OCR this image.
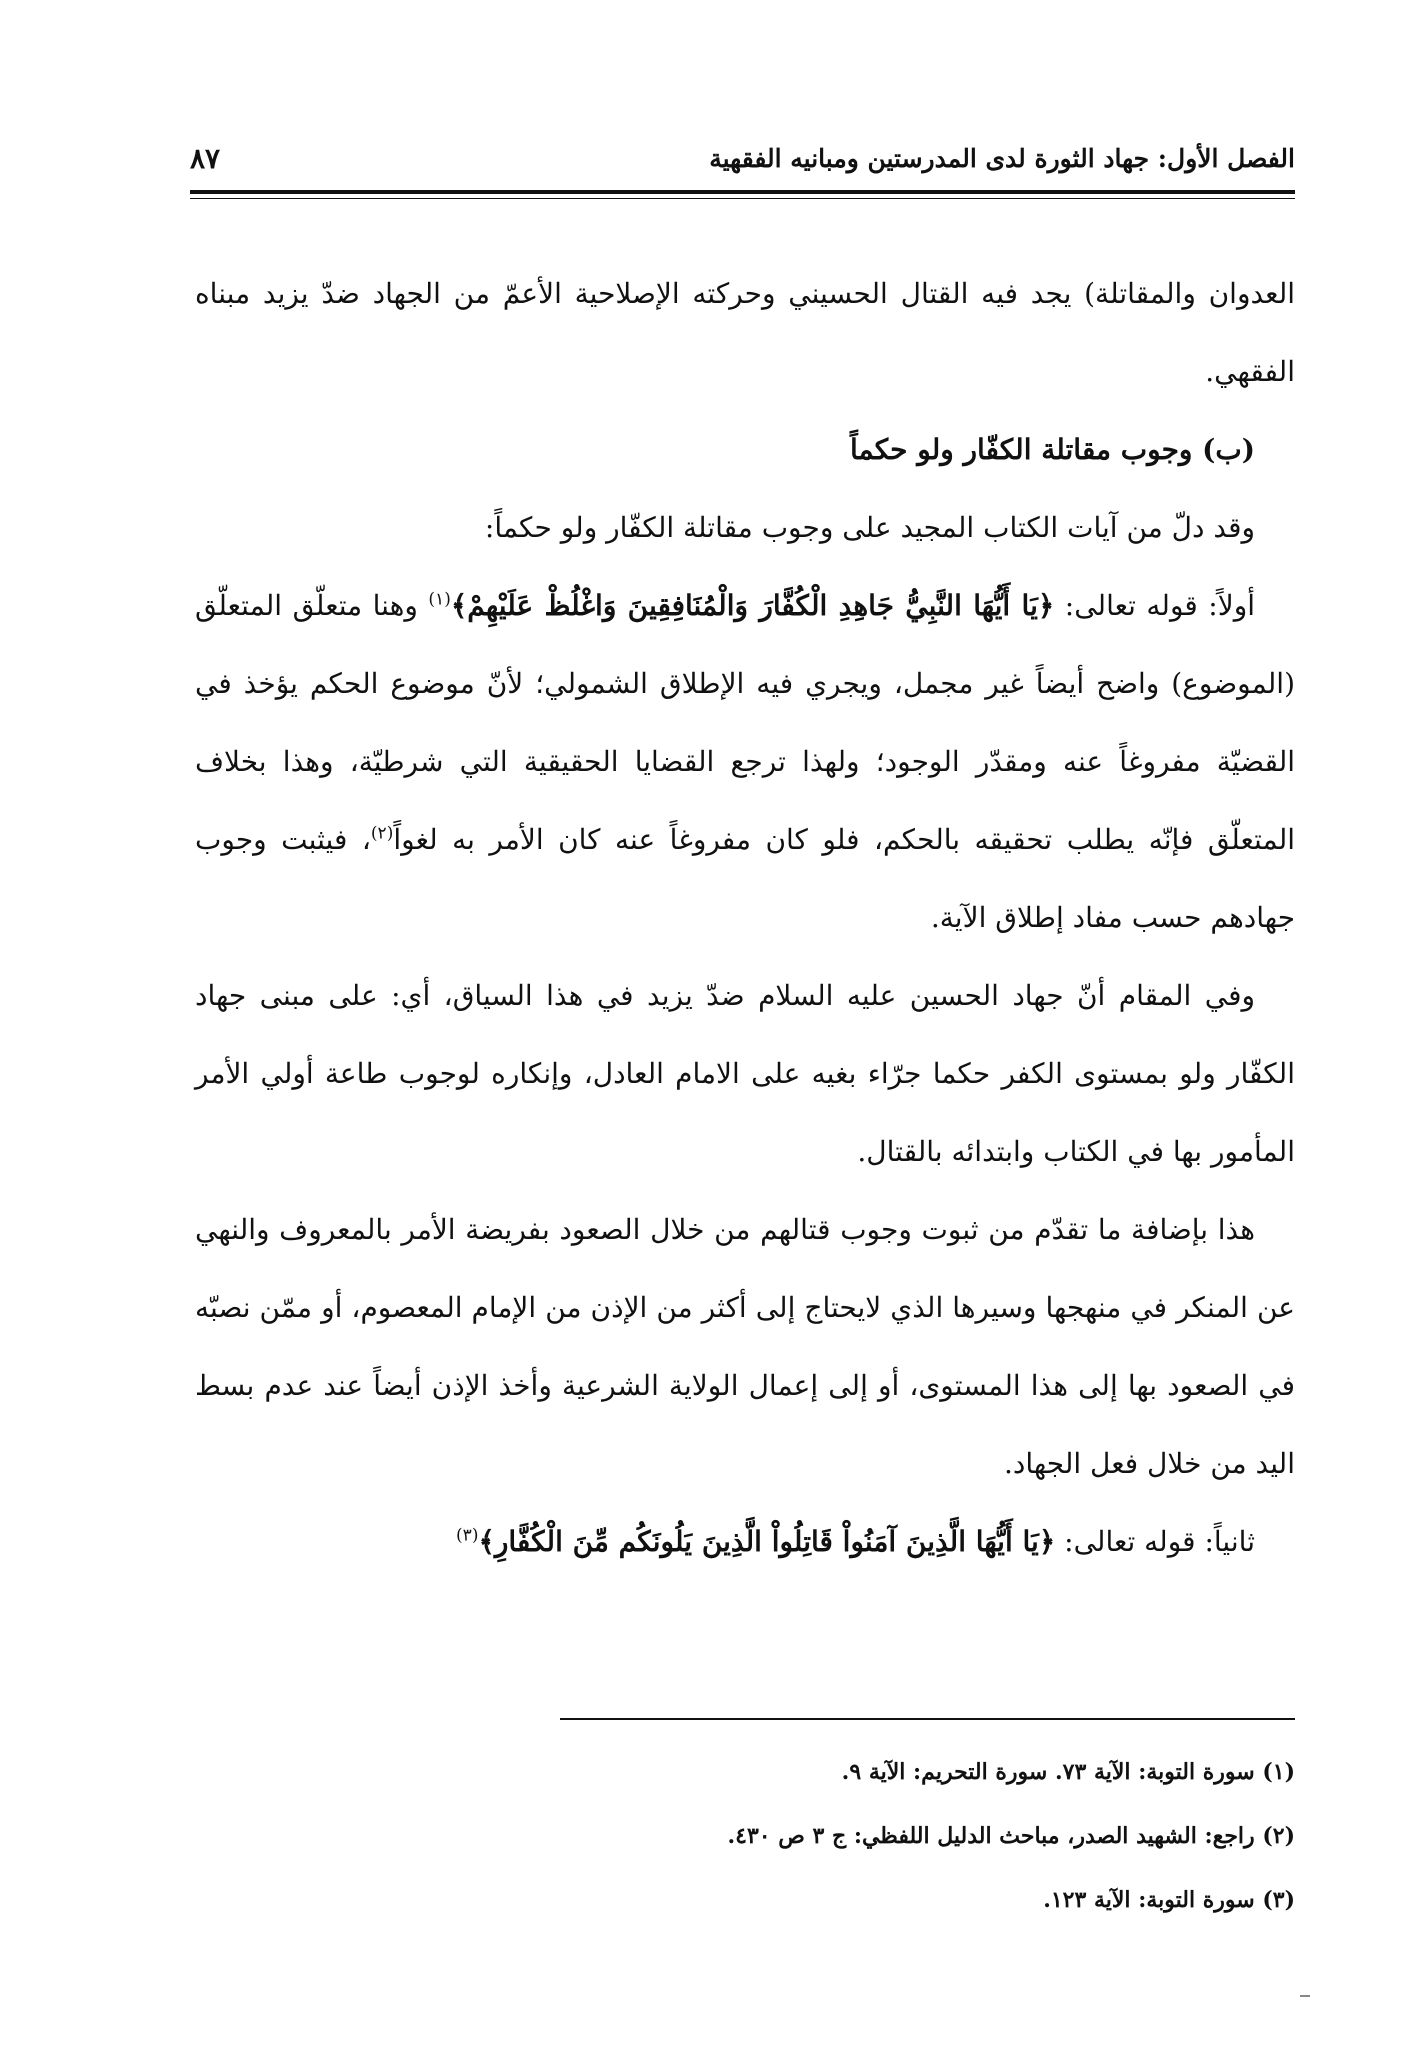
الفصل الأول: جهاد الثورة لدى المدرستين ومبانيه الفقهية
٨٧

العدوان والمقاتلة) يجد فيه القتال الحسيني وحركته الإصلاحية الأعمّ من الجهاد ضدّ يزيد مبناه الفقهي.

(ب) وجوب مقاتلة الكفّار ولو حكماً

وقد دلّ من آيات الكتاب المجيد على وجوب مقاتلة الكفّار ولو حكماً:

أولاً: قوله تعالى: ﴿يَا أَيُّهَا النَّبِيُّ جَاهِدِ الْكُفَّارَ وَالْمُنَافِقِينَ وَاغْلُظْ عَلَيْهِمْ﴾$^{(١)}$ وهنا متعلّق المتعلّق (الموضوع) واضح أيضاً غير مجمل، ويجري فيه الإطلاق الشمولي؛ لأنّ موضوع الحكم يؤخذ في القضيّة مفروغاً عنه ومقدّر الوجود؛ ولهذا ترجع القضايا الحقيقية التي شرطيّة، وهذا بخلاف المتعلّق فإنّه يطلب تحقيقه بالحكم، فلو كان مفروغاً عنه كان الأمر به لغواً$^{(٢)}$، فيثبت وجوب جهادهم حسب مفاد إطلاق الآية.

وفي المقام أنّ جهاد الحسين عليه السلام ضدّ يزيد في هذا السياق، أي: على مبنى جهاد الكفّار ولو بمستوى الكفر حكما جرّاء بغيه على الامام العادل، وإنكاره لوجوب طاعة أولي الأمر المأمور بها في الكتاب وابتدائه بالقتال.

هذا بإضافة ما تقدّم من ثبوت وجوب قتالهم من خلال الصعود بفريضة الأمر بالمعروف والنهي عن المنكر في منهجها وسيرها الذي لايحتاج إلى أكثر من الإذن من الإمام المعصوم، أو ممّن نصبّه في الصعود بها إلى هذا المستوى، أو إلى إعمال الولاية الشرعية وأخذ الإذن أيضاً عند عدم بسط اليد من خلال فعل الجهاد.

ثانياً: قوله تعالى: ﴿يَا أَيُّهَا الَّذِينَ آمَنُواْ قَاتِلُواْ الَّذِينَ يَلُونَكُم مِّنَ الْكُفَّارِ﴾$^{(٣)}$

(١) سورة التوبة: الآية ٧٣. سورة التحريم: الآية ٩.

(٢) راجع: الشهيد الصدر، مباحث الدليل اللفظي: ج ٣ ص ٤٣٠.

(٣) سورة التوبة: الآية ١٢٣.
